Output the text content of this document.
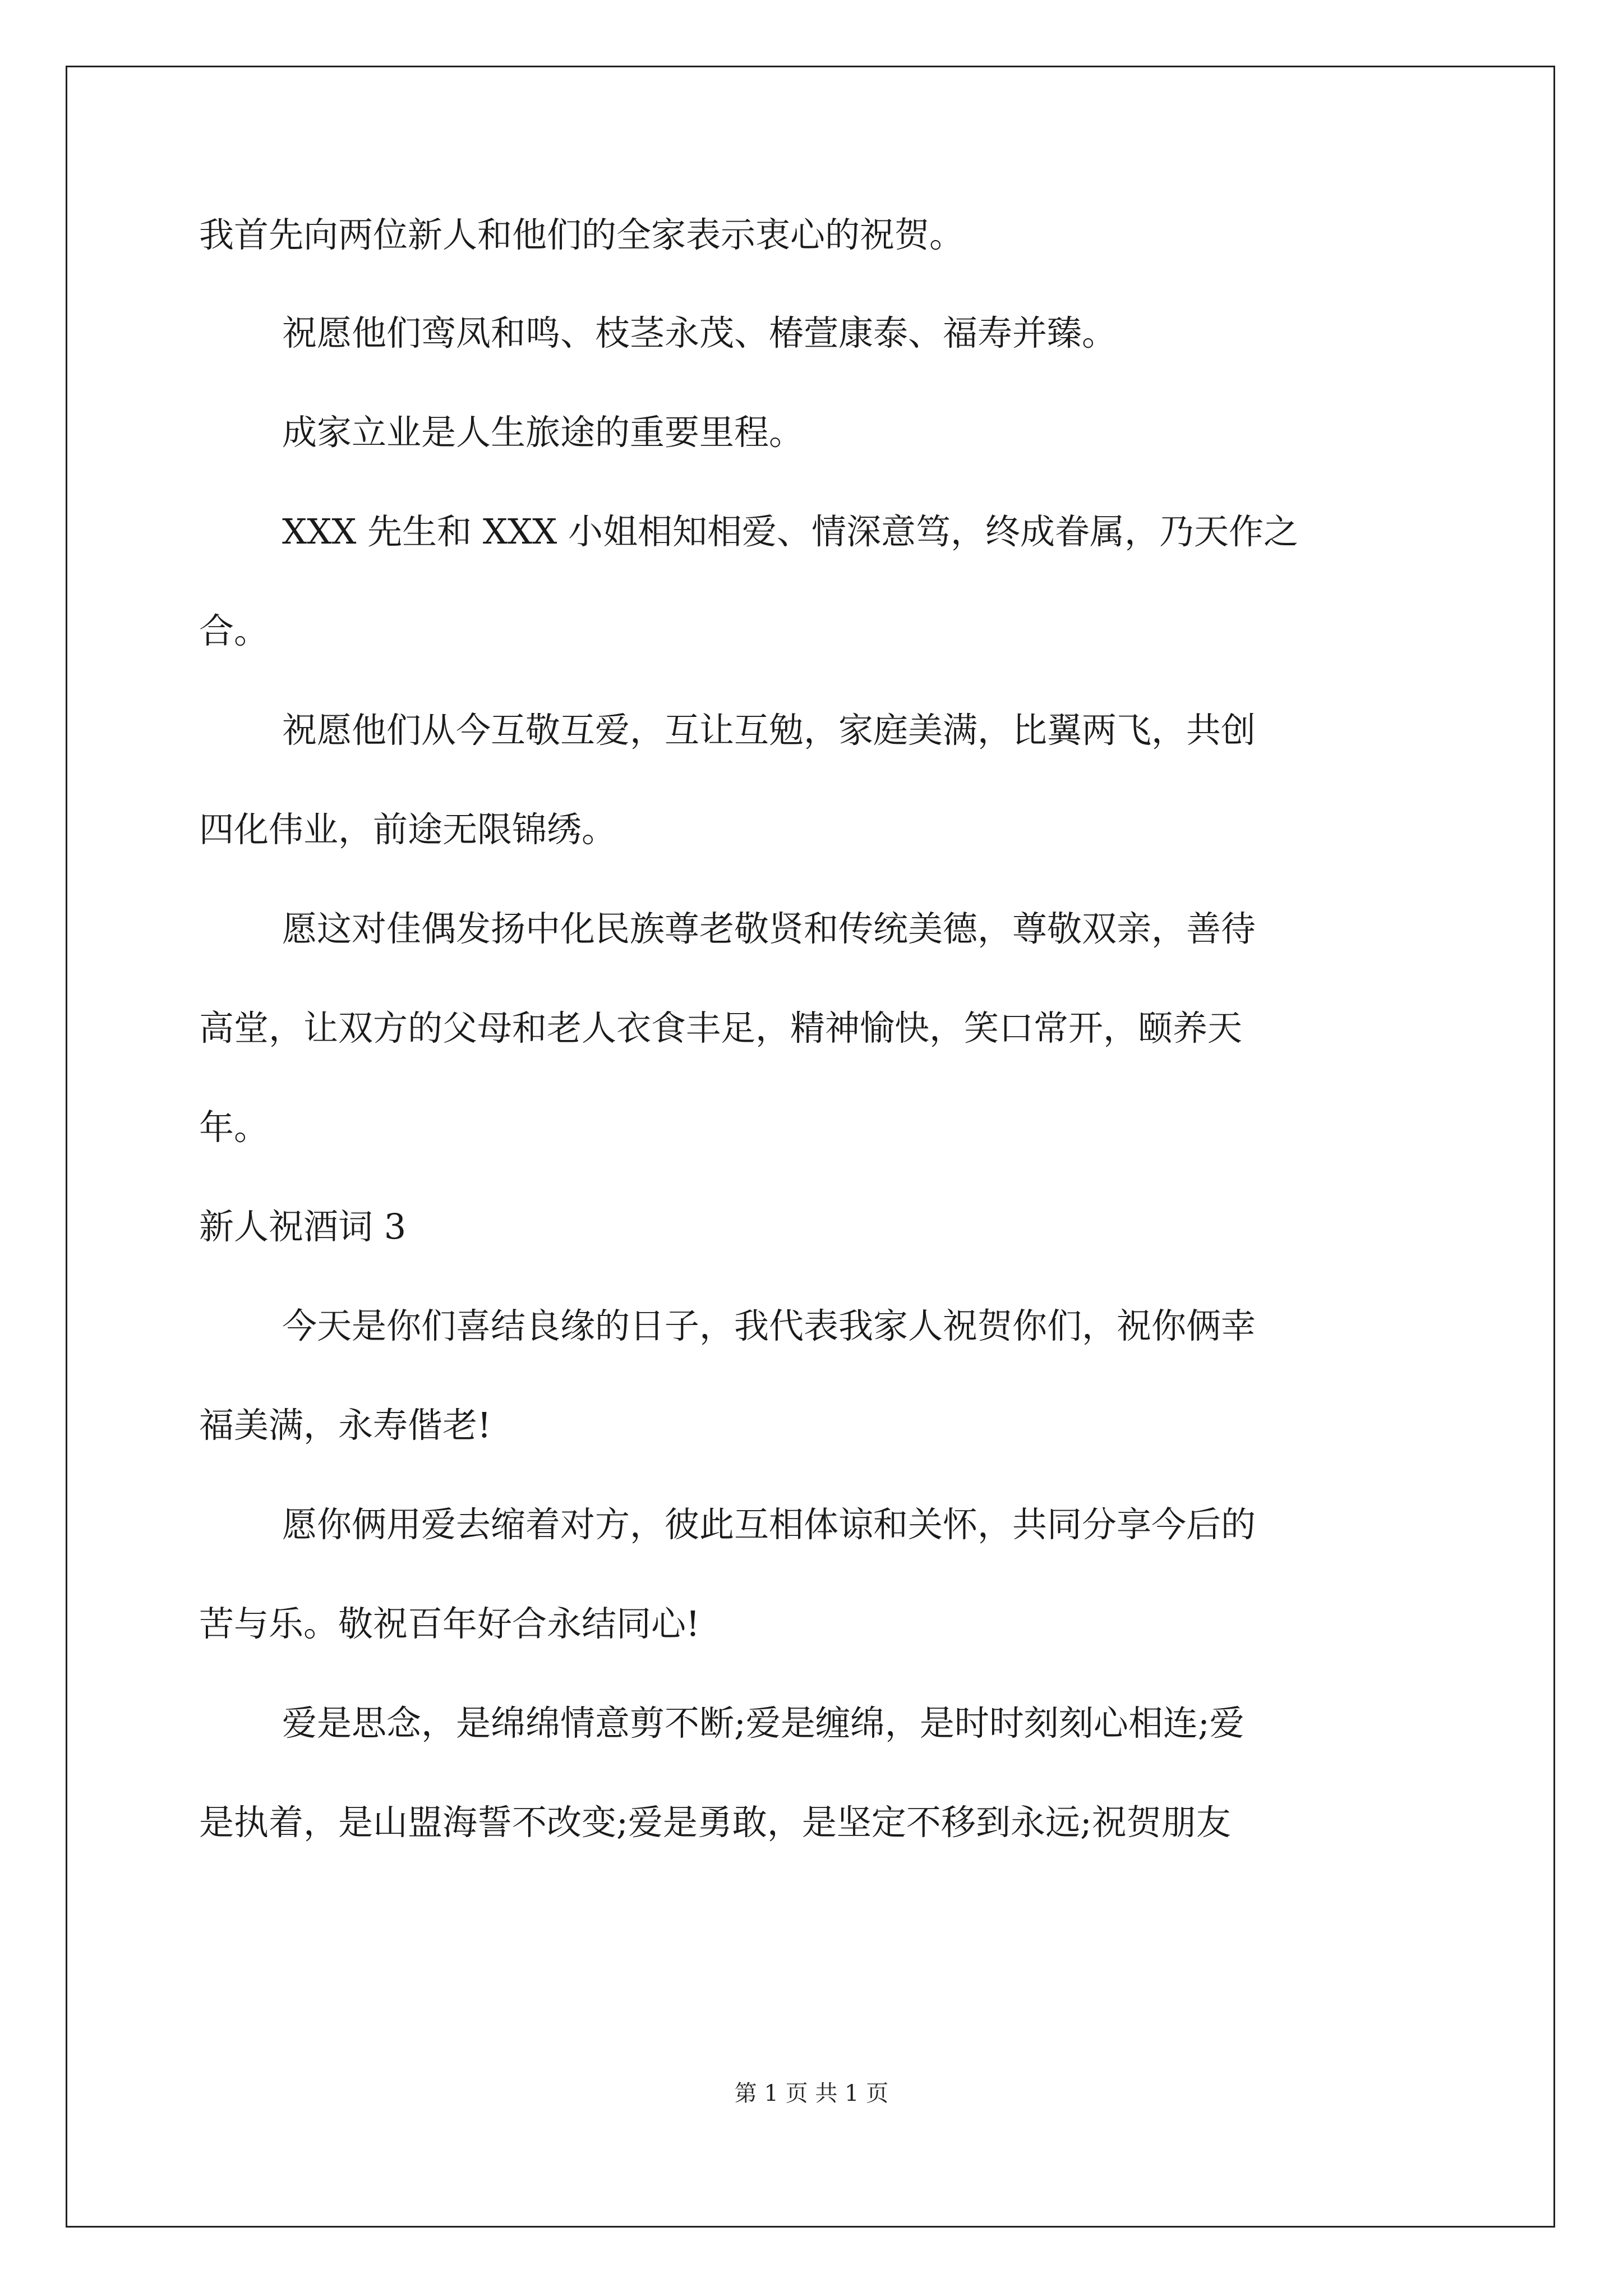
我首先向两位新人和他们的全家表示衷心的祝贺。
祝愿他们鸾凤和鸣、枝茎永茂、椿萱康泰、福寿并臻。
成家立业是人生旅途的重要里程。
XXX 先生和 XXX 小姐相知相爱、情深意笃，终成眷属，乃天作之
合。
祝愿他们从今互敬互爱，互让互勉，家庭美满，比翼两飞，共创
四化伟业，前途无限锦绣。
愿这对佳偶发扬中化民族尊老敬贤和传统美德，尊敬双亲，善待
高堂，让双方的父母和老人衣食丰足，精神愉快，笑口常开，颐养天
年。
新人祝酒词 3
今天是你们喜结良缘的日子，我代表我家人祝贺你们，祝你俩幸
福美满，永寿偕老!
愿你俩用爱去缩着对方，彼此互相体谅和关怀，共同分享今后的
苦与乐。敬祝百年好合永结同心!
爱是思念，是绵绵情意剪不断;爱是缠绵，是时时刻刻心相连;爱
是执着，是山盟海誓不改变;爱是勇敢，是坚定不移到永远;祝贺朋友
第 1 页 共 1 页
